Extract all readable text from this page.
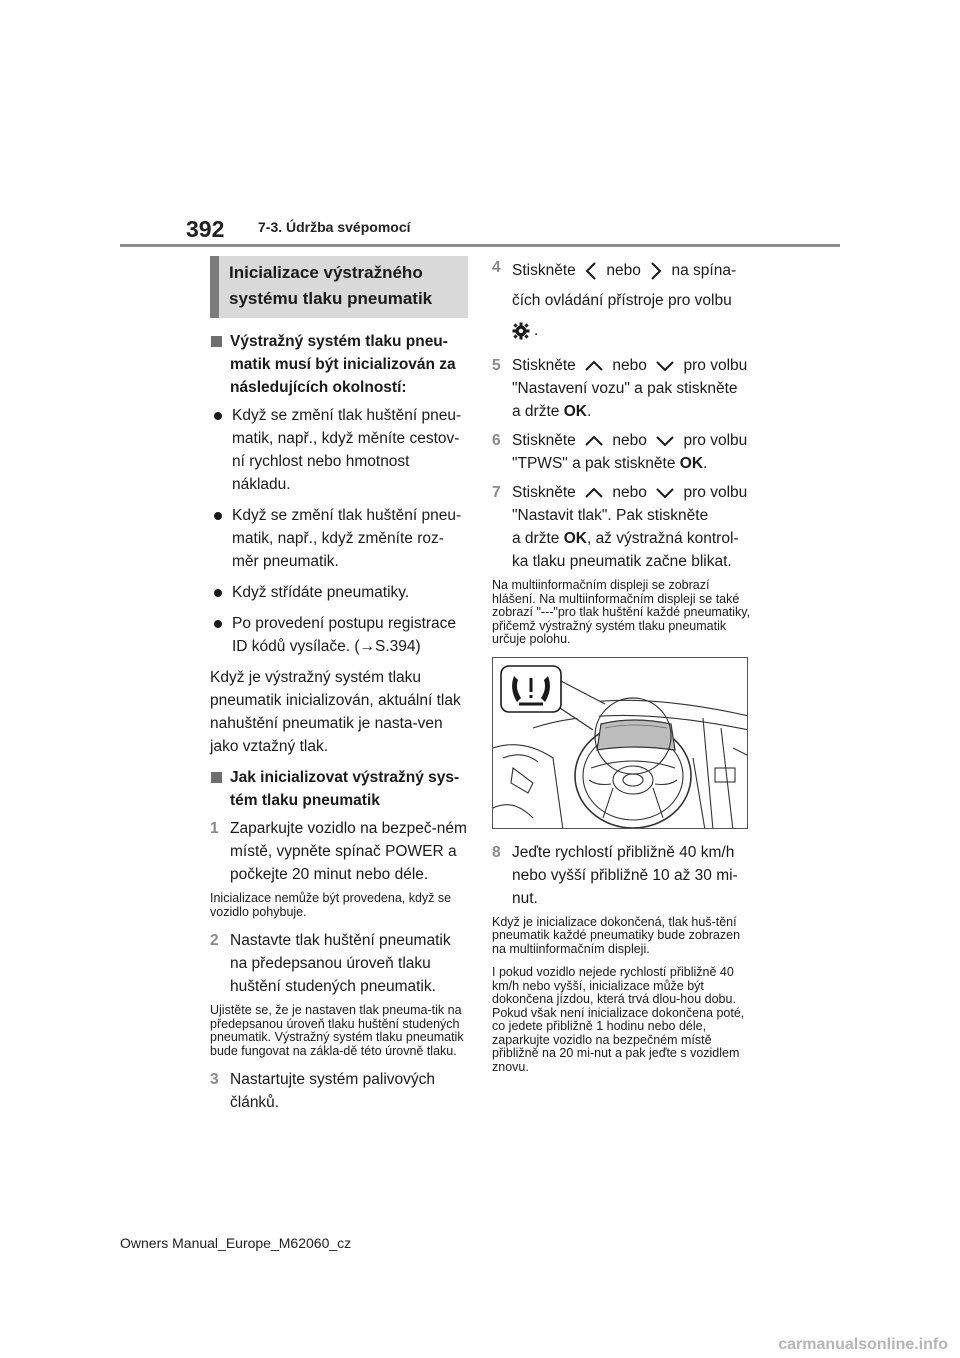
392 7-3. Údržba svépomocí
Inicializace výstražného systému tlaku pneumatik
Výstražný systém tlaku pneu-matik musí být inicializován za následujících okolností:
Když se změní tlak huštění pneu-matik, např., když měníte cestov-ní rychlost nebo hmotnost nákladu.
Když se změní tlak huštění pneu-matik, např., když změníte roz-měr pneumatik.
Když střídáte pneumatiky.
Po provedení postupu registrace ID kódů vysílače. (→S.394)
Když je výstražný systém tlaku pneumatik inicializován, aktuální tlak nahuštění pneumatik je nasta-ven jako vztažný tlak.
Jak inicializovat výstražný sys-tém tlaku pneumatik
1 Zaparkujte vozidlo na bezpeč-ném místě, vypněte spínač POWER a počkejte 20 minut nebo déle.
Inicializace nemůže být provedena, když se vozidlo pohybuje.
2 Nastavte tlak huštění pneumatik na předepsanou úroveň tlaku huštění studených pneumatik.
Ujistěte se, že je nastaven tlak pneuma-tik na předepsanou úroveň tlaku huštění studených pneumatik. Výstražný systém tlaku pneumatik bude fungovat na zákla-dě této úrovně tlaku.
3 Nastartujte systém palivových článků.
4 Stiskněte nebo na spína-
čích ovládání přístroje pro volbu
.
5 Stiskněte nebo pro volbu
"Nastavení vozu" a pak stiskněte
a držte OK.
6 Stiskněte nebo pro volbu
"TPWS" a pak stiskněte OK.
7 Stiskněte nebo pro volbu
"Nastavit tlak". Pak stiskněte
a držte OK, až výstražná kontrol-
ka tlaku pneumatik začne blikat.
Na multiinformačním displeji se zobrazí hlášení. Na multiinformačním displeji se také zobrazí "---"pro tlak huštění každé pneumatiky, přičemž výstražný systém tlaku pneumatik určuje polohu.
8 Jeďte rychlostí přibližně 40 km/h nebo vyšší přibližně 10 až 30 mi-nut.
Když je inicializace dokončená, tlak huš-tění pneumatik každé pneumatiky bude zobrazen na multiinformačním displeji.
I pokud vozidlo nejede rychlostí přibližně 40 km/h nebo vyšší, inicializace může být dokončena jízdou, která trvá dlou-hou dobu. Pokud však není inicializace dokončena poté, co jedete přibližně 1 hodinu nebo déle, zaparkujte vozidlo na bezpečném místě přibližně na 20 mi-nut a pak jeďte s vozidlem znovu.
Owners Manual_Europe_M62060_cz
carmanualsonline.info
